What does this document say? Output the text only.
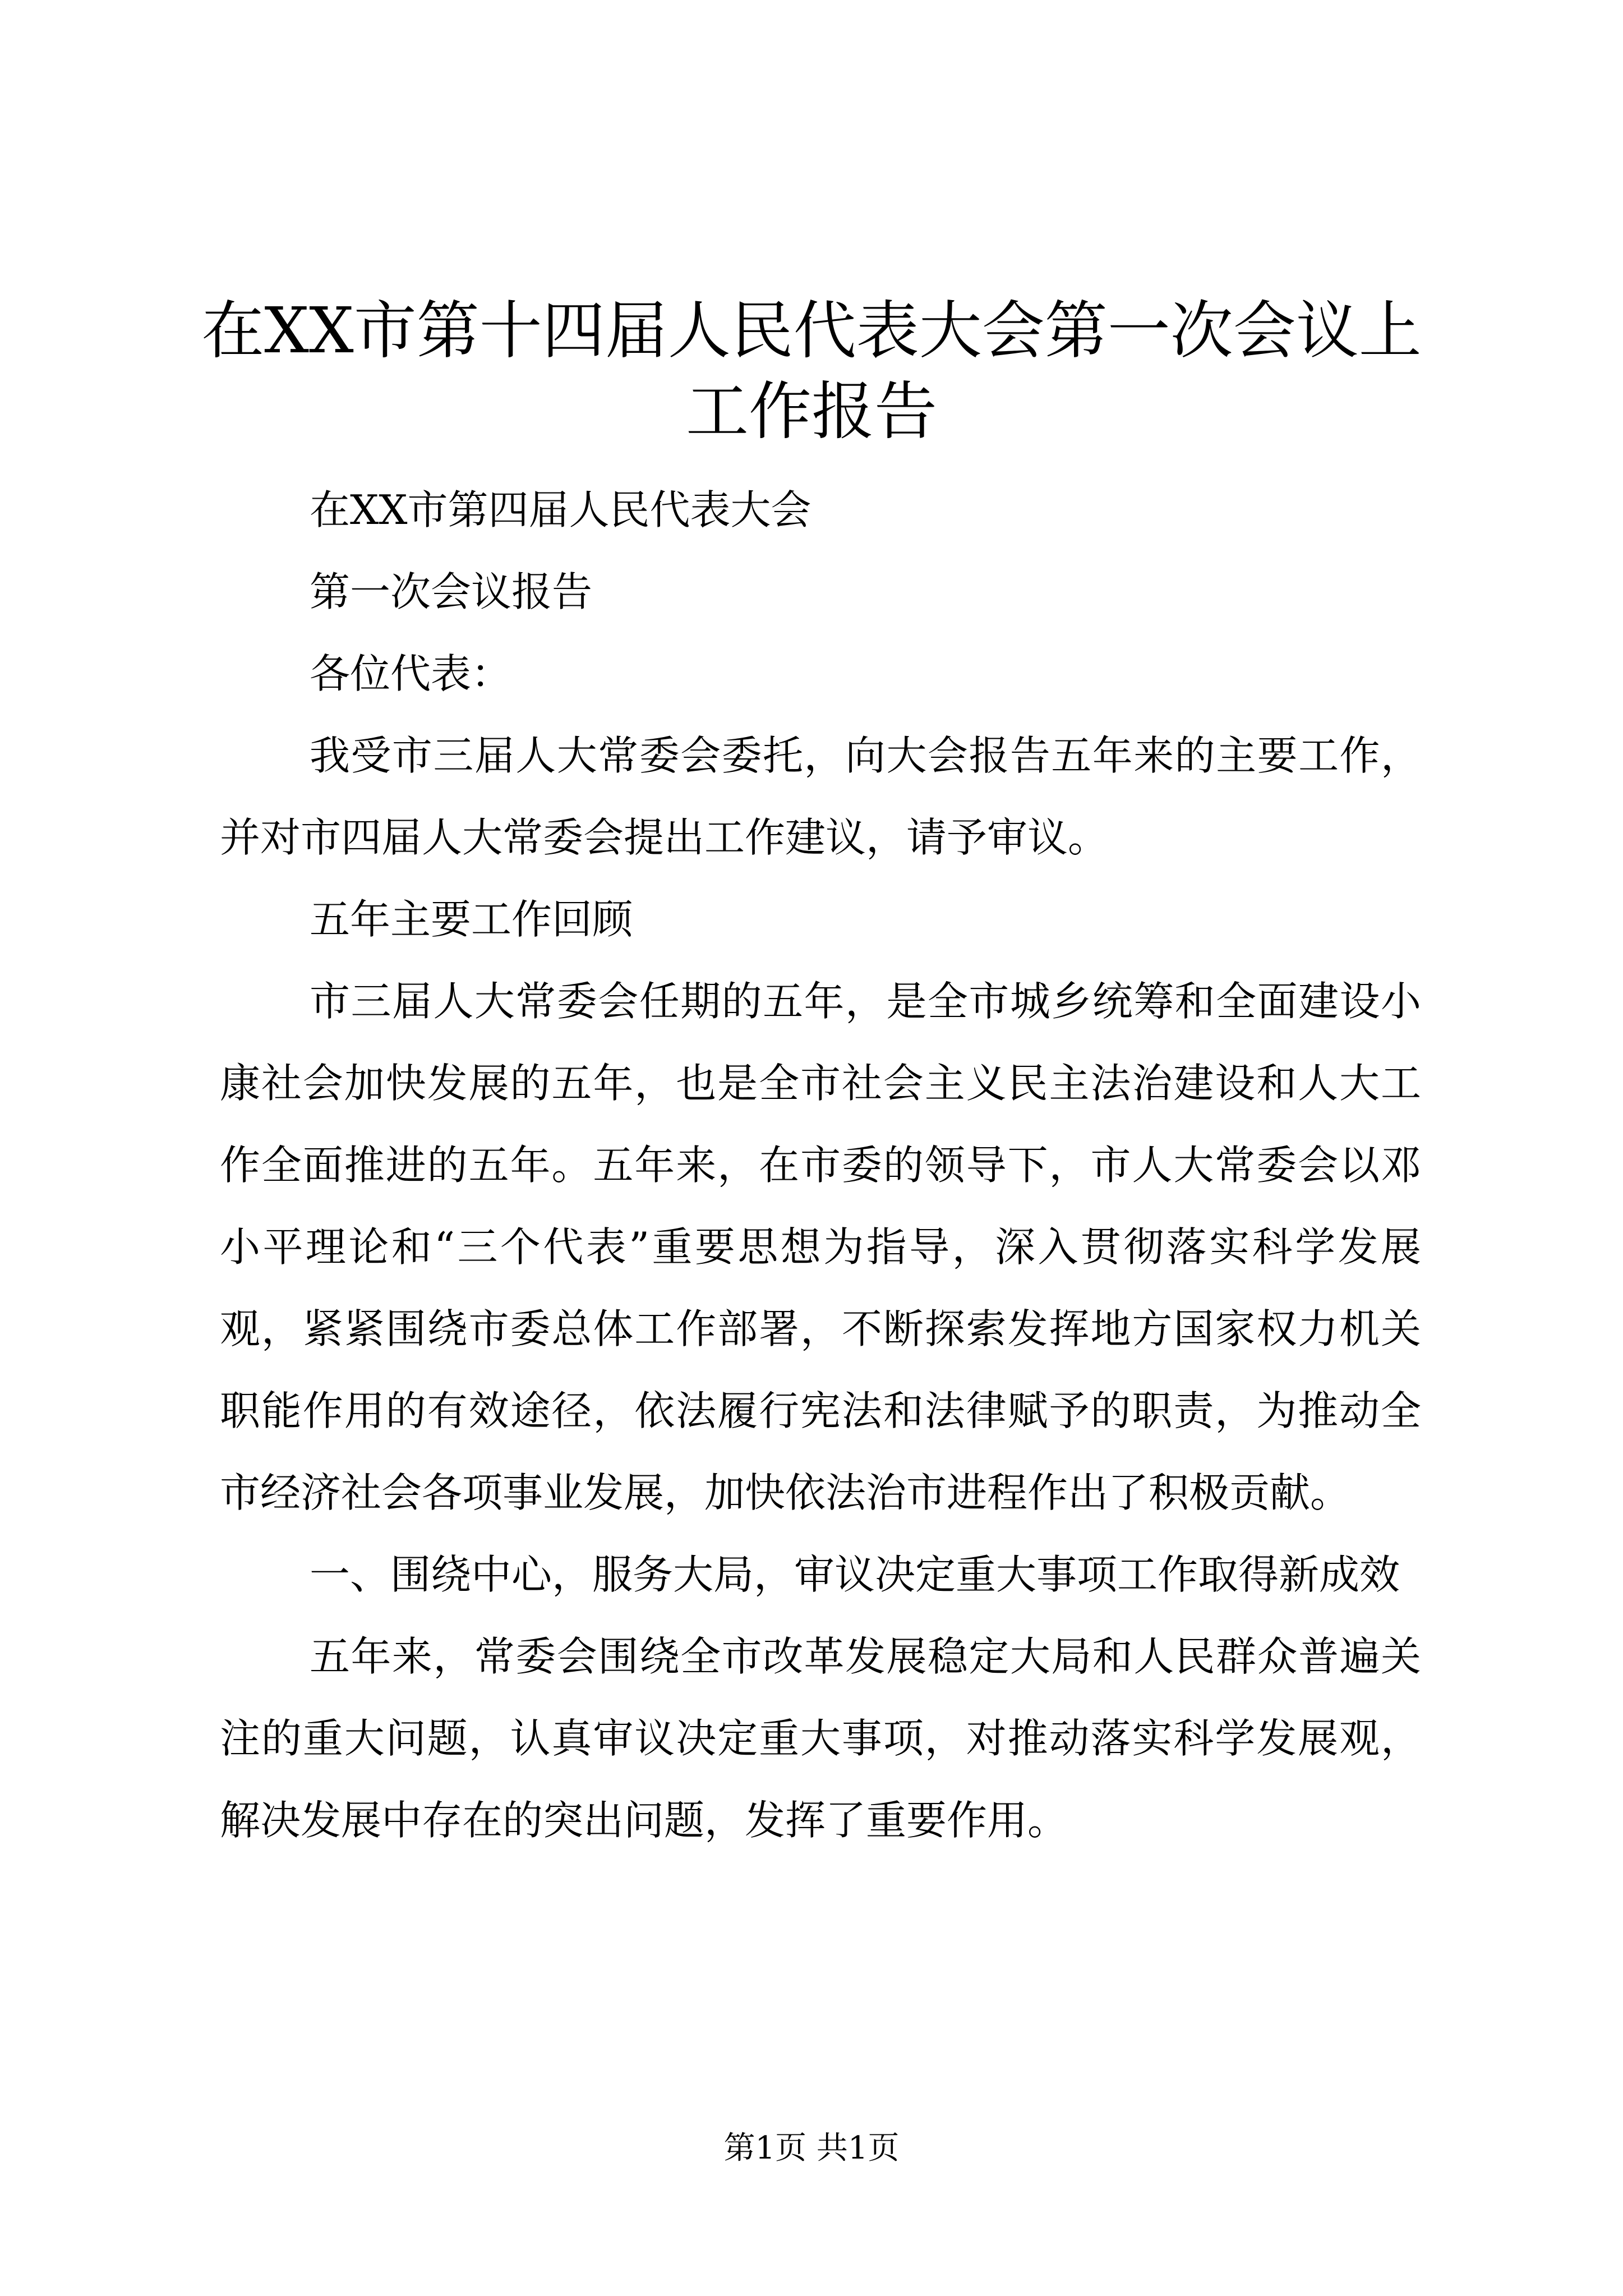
在XX市第十四届人民代表大会第一次会议上
工作报告

在XX市第四届人民代表大会

第一次会议报告

各位代表：

我受市三届人大常委会委托，向大会报告五年来的主要工作，并对市四届人大常委会提出工作建议，请予审议。

五年主要工作回顾

市三届人大常委会任期的五年，是全市城乡统筹和全面建设小康社会加快发展的五年，也是全市社会主义民主法治建设和人大工作全面推进的五年。五年来，在市委的领导下，市人大常委会以邓小平理论和“三个代表”重要思想为指导，深入贯彻落实科学发展观，紧紧围绕市委总体工作部署，不断探索发挥地方国家权力机关职能作用的有效途径，依法履行宪法和法律赋予的职责，为推动全市经济社会各项事业发展，加快依法治市进程作出了积极贡献。

一、围绕中心，服务大局，审议决定重大事项工作取得新成效

五年来，常委会围绕全市改革发展稳定大局和人民群众普遍关注的重大问题，认真审议决定重大事项，对推动落实科学发展观，解决发展中存在的突出问题，发挥了重要作用。

第1页 共1页
